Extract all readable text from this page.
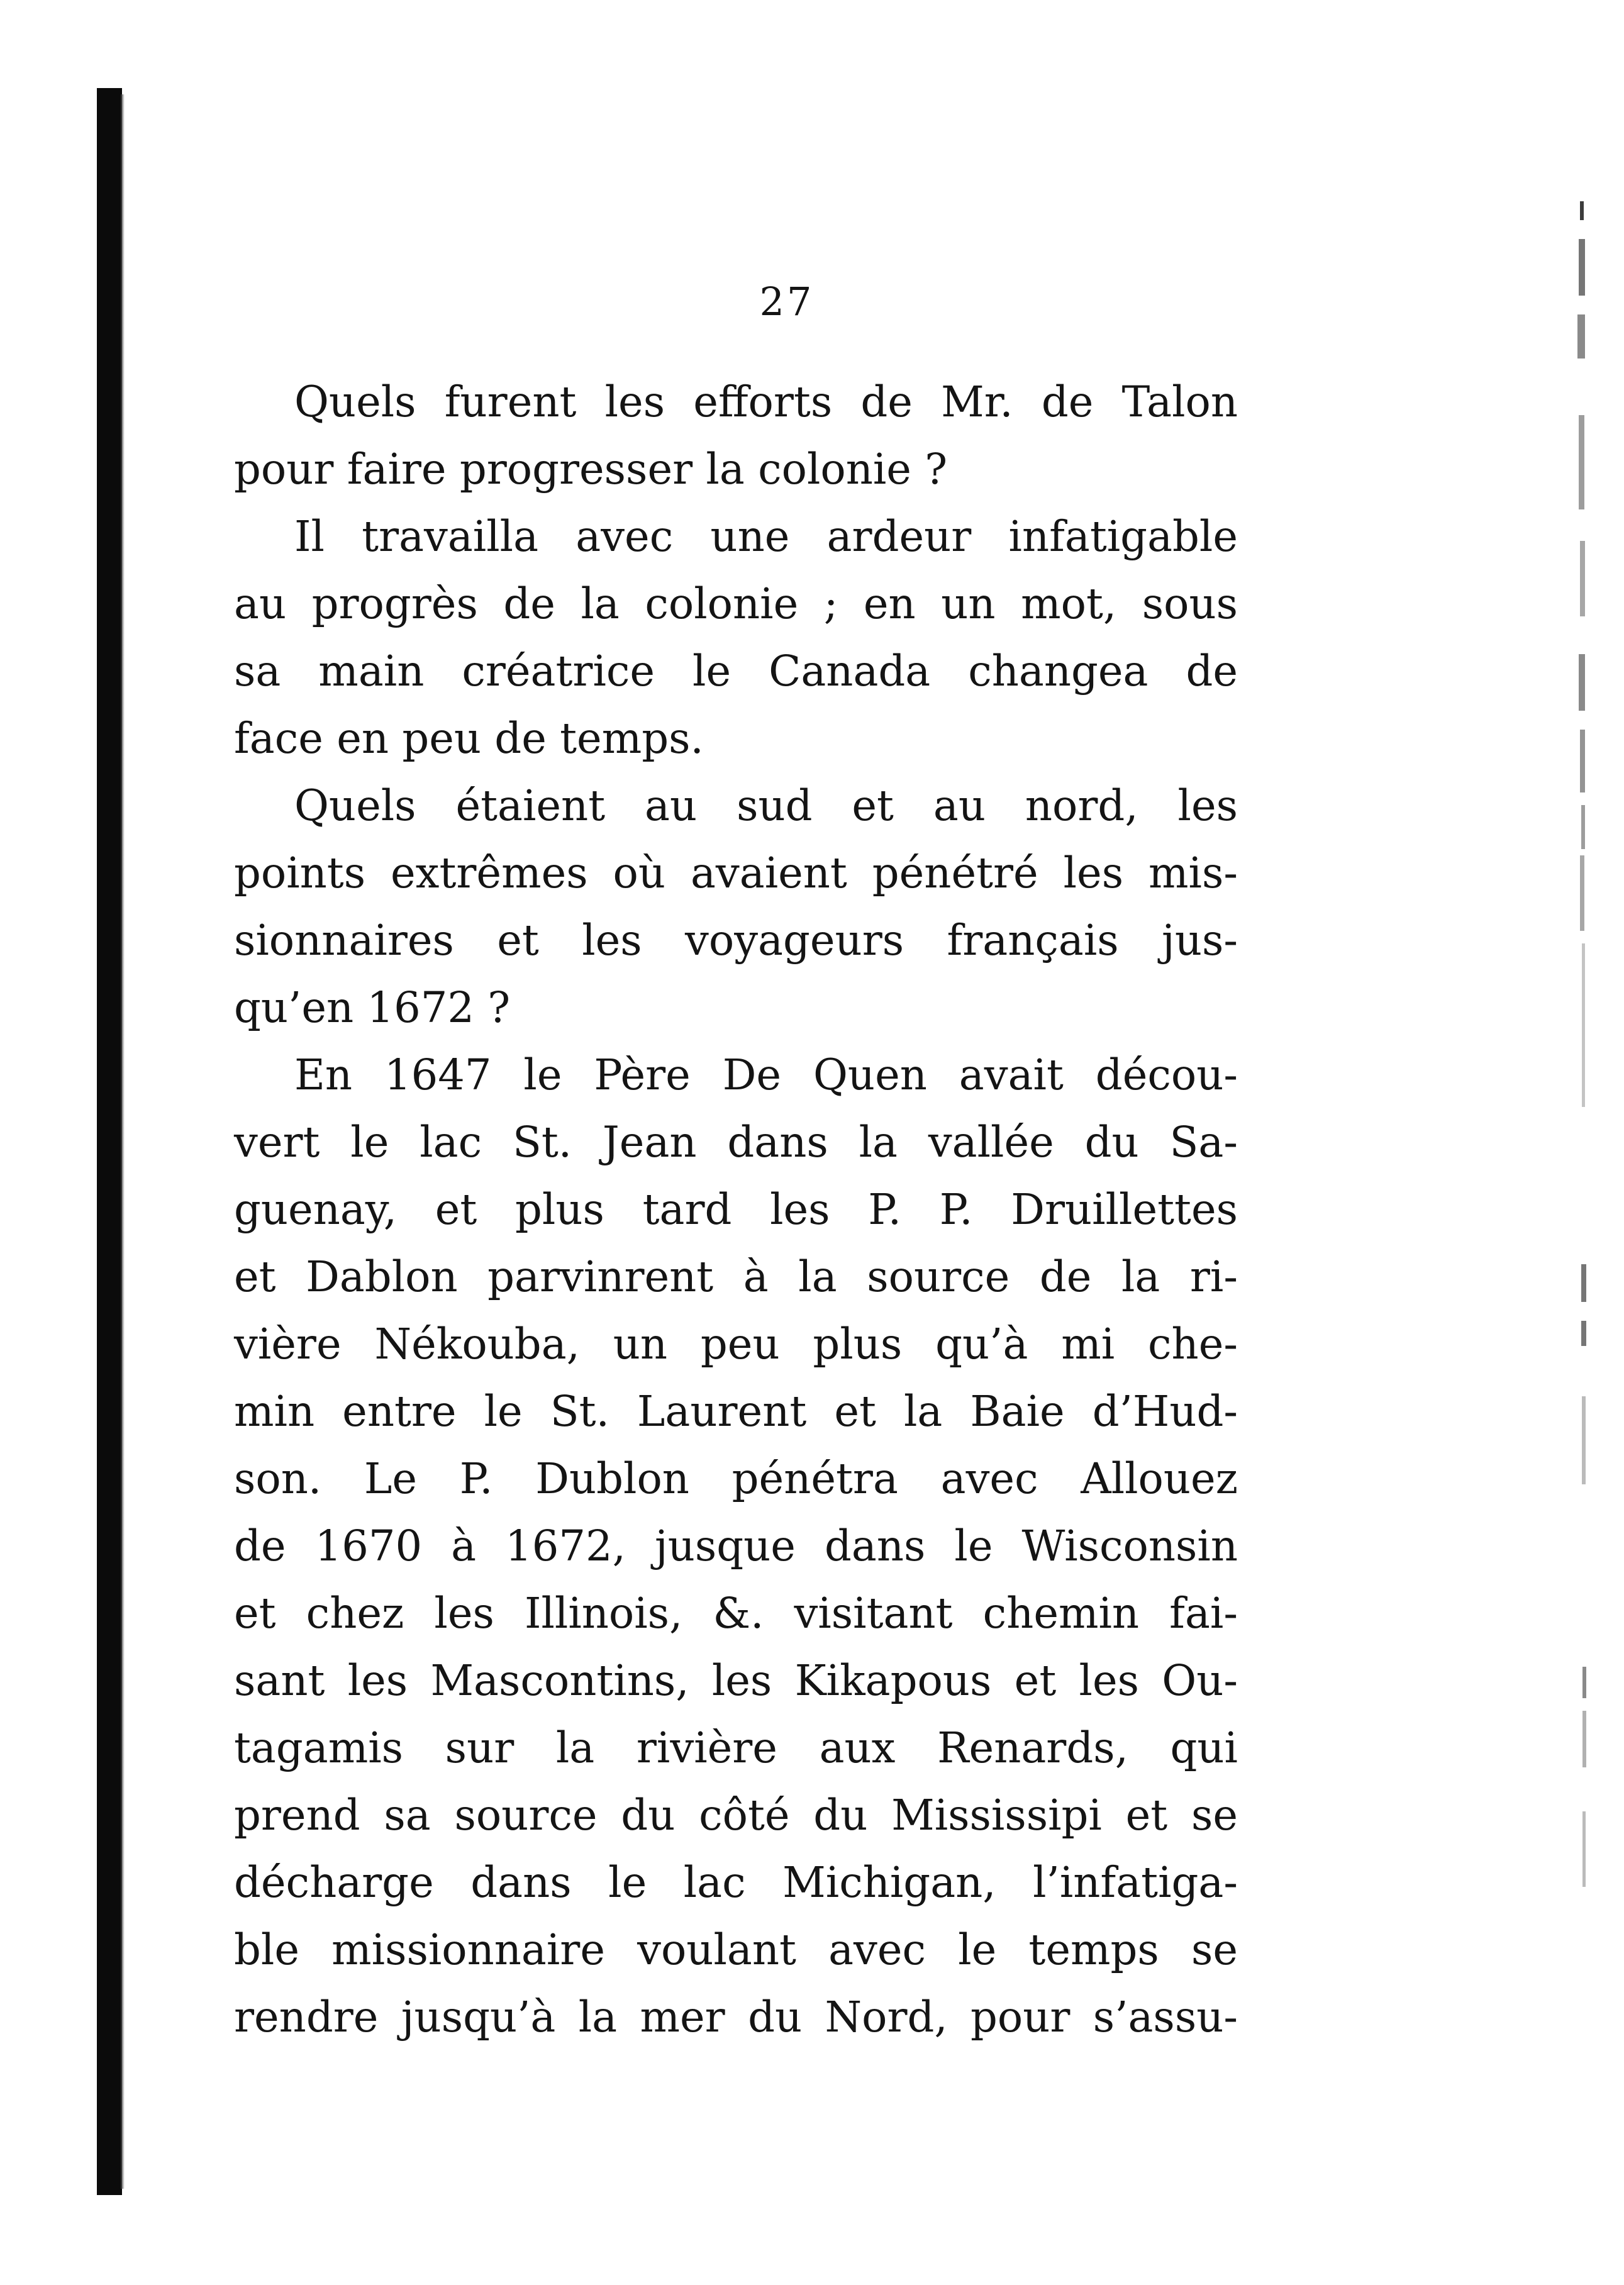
27
Quels furent les efforts de Mr. de Talon
pour faire progresser la colonie ?
Il travailla avec une ardeur infatigable
au progrès de la colonie ; en un mot, sous
sa main créatrice le Canada changea de
face en peu de temps.
Quels étaient au sud et au nord, les
points extrêmes où avaient pénétré les mis-
sionnaires et les voyageurs français jus-
qu’en 1672 ?
En 1647 le Père De Quen avait décou-
vert le lac St. Jean dans la vallée du Sa-
guenay, et plus tard les P. P. Druillettes
et Dablon parvinrent à la source de la ri-
vière Nékouba, un peu plus qu’à mi che-
min entre le St. Laurent et la Baie d’Hud-
son. Le P. Dublon pénétra avec Allouez
de 1670 à 1672, jusque dans le Wisconsin
et chez les Illinois, &. visitant chemin fai-
sant les Mascontins, les Kikapous et les Ou-
tagamis sur la rivière aux Renards, qui
prend sa source du côté du Mississipi et se
décharge dans le lac Michigan, l’infatiga-
ble missionnaire voulant avec le temps se
rendre jusqu’à la mer du Nord, pour s’assu-
